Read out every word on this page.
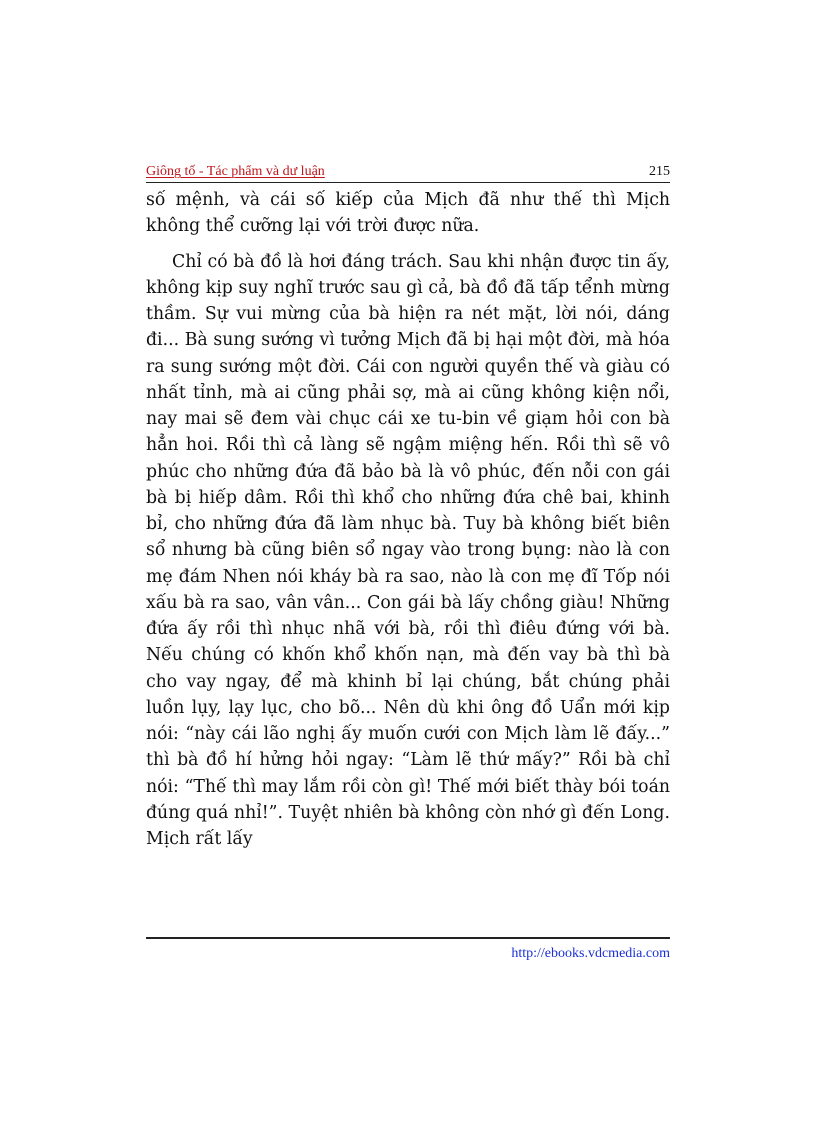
Giông tố - Tác phẩm và dư luận	215

số mệnh, và cái số kiếp của Mịch đã như thế thì Mịch không thể cưỡng lại với trời được nữa.

Chỉ có bà đồ là hơi đáng trách. Sau khi nhận được tin ấy, không kịp suy nghĩ trước sau gì cả, bà đồ đã tấp tểnh mừng thầm. Sự vui mừng của bà hiện ra nét mặt, lời nói, dáng đi... Bà sung sướng vì tưởng Mịch đã bị hại một đời, mà hóa ra sung sướng một đời. Cái con người quyền thế và giàu có nhất tỉnh, mà ai cũng phải sợ, mà ai cũng không kiện nổi, nay mai sẽ đem vài chục cái xe tu-bin về giạm hỏi con bà hẳn hoi. Rồi thì cả làng sẽ ngậm miệng hến. Rồi thì sẽ vô phúc cho những đứa đã bảo bà là vô phúc, đến nỗi con gái bà bị hiếp dâm. Rồi thì khổ cho những đứa chê bai, khinh bỉ, cho những đứa đã làm nhục bà. Tuy bà không biết biên sổ nhưng bà cũng biên sổ ngay vào trong bụng: nào là con mẹ đám Nhen nói kháy bà ra sao, nào là con mẹ đĩ Tốp nói xấu bà ra sao, vân vân... Con gái bà lấy chồng giàu! Những đứa ấy rồi thì nhục nhã với bà, rồi thì điêu đứng với bà. Nếu chúng có khốn khổ khốn nạn, mà đến vay bà thì bà cho vay ngay, để mà khinh bỉ lại chúng, bắt chúng phải luồn lụy, lạy lục, cho bõ... Nên dù khi ông đồ Uẩn mới kịp nói: “này cái lão nghị ấy muốn cưới con Mịch làm lẽ đấy...” thì bà đồ hí hửng hỏi ngay: “Làm lẽ thứ mấy?” Rồi bà chỉ nói: “Thế thì may lắm rồi còn gì! Thế mới biết thày bói toán đúng quá nhỉ!”. Tuyệt nhiên bà không còn nhớ gì đến Long. Mịch rất lấy

http://ebooks.vdcmedia.com
